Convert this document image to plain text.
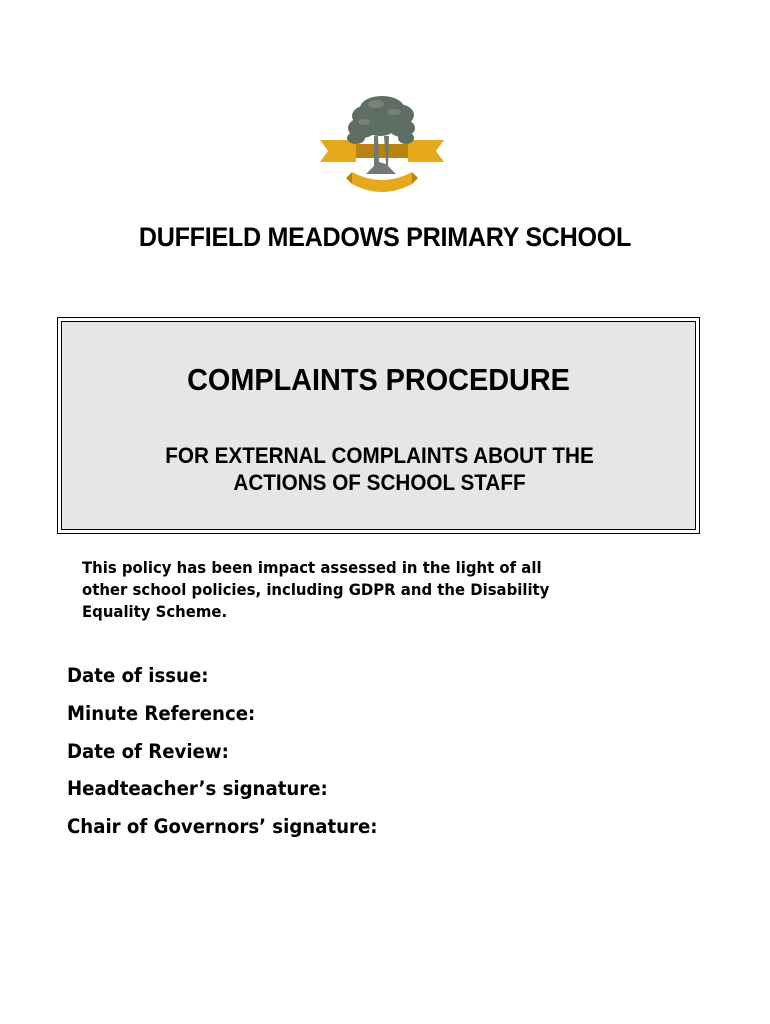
DUFFIELD MEADOWS PRIMARY SCHOOL
COMPLAINTS PROCEDURE
FOR EXTERNAL COMPLAINTS ABOUT THE
ACTIONS OF SCHOOL STAFF
This policy has been impact assessed in the light of all
other school policies, including GDPR and the Disability
Equality Scheme.
Date of issue:
Minute Reference:
Date of Review:
Headteacher’s signature:
Chair of Governors’ signature:
